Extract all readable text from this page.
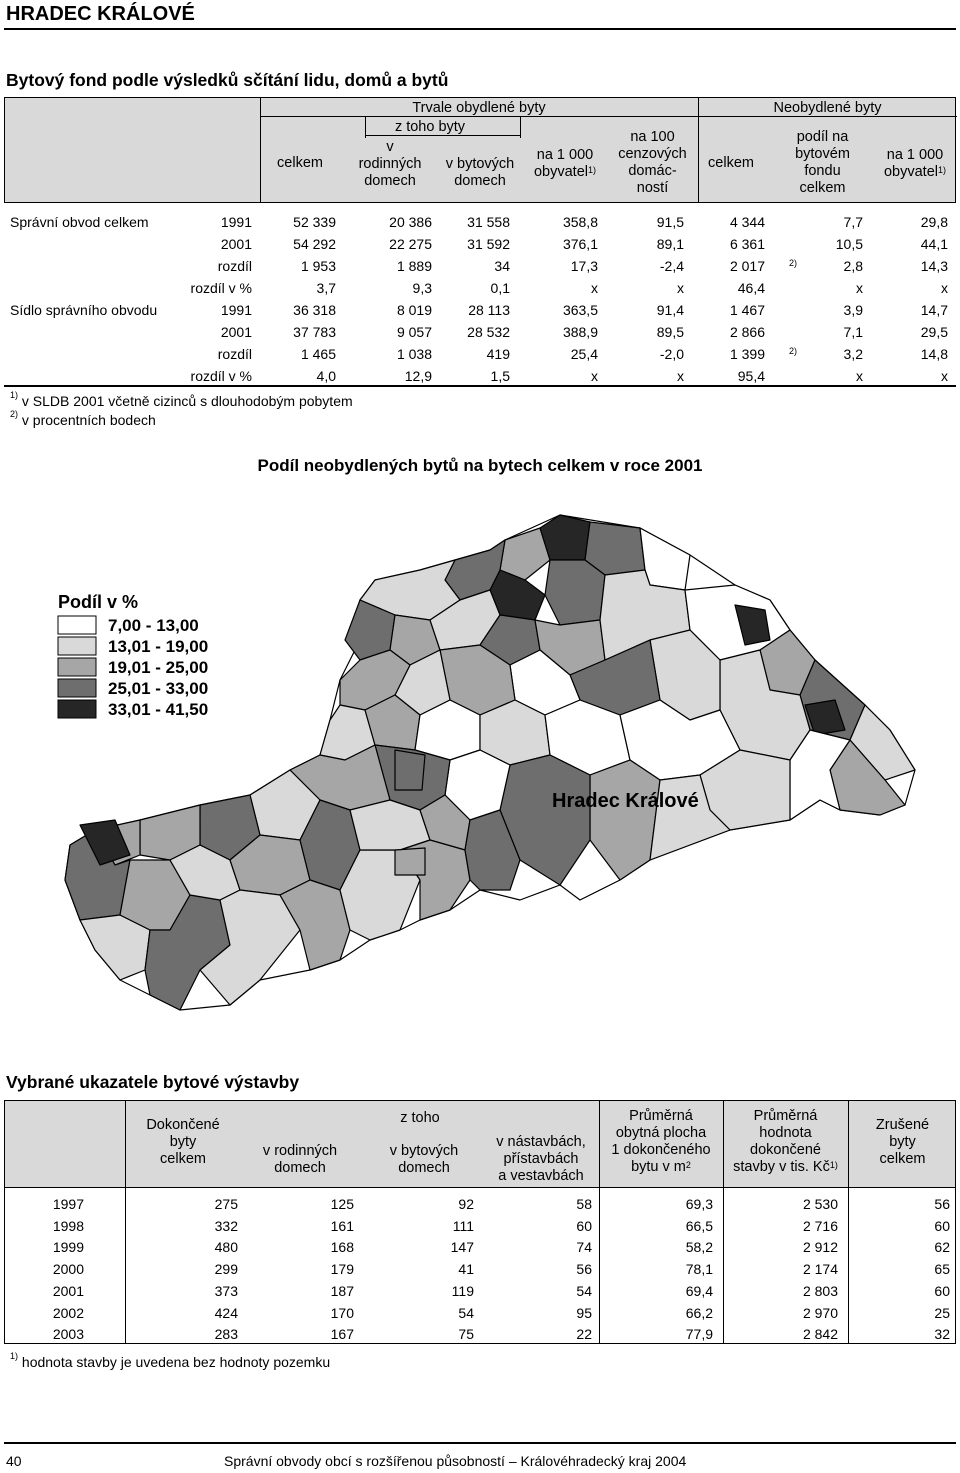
HRADEC KRÁLOVÉ
Bytový fond podle výsledků sčítání lidu, domů a bytů
celkem
Trvale obydlené byty
z toho byty
v
rodinných
domech
v bytových
domech
na 1 000
obyvatel$^{1)}$
na 100
cenzových
domác-
ností
Neobydlené byty
celkem
podíl na
bytovém
fondu
celkem
na 1 000
obyvatel$^{1)}$
Správní obvod celkem	1991	52 339	20 386	31 558	358,8	91,5	4 344	7,7	29,8
2001	54 292	22 275	31 592	376,1	89,1	6 361	10,5	44,1
rozdíl	1 953	1 889	34	17,3	-2,4	2 017	2,8	14,3
rozdíl v %	3,7	9,3	0,1	x	x	46,4	x	x
Sídlo správního obvodu	1991	36 318	8 019	28 113	363,5	91,4	1 467	3,9	14,7
2001	37 783	9 057	28 532	388,9	89,5	2 866	7,1	29,5
rozdíl	1 465	1 038	419	25,4	-2,0	1 399	3,2	14,8
rozdíl v %	4,0	12,9	1,5	x	x	95,4	x	x
2)
2)
$^{1)}$ v SLDB 2001 včetně cizinců s dlouhodobým pobytem
$^{2)}$ v procentních bodech
Podíl neobydlených bytů na bytech celkem v roce 2001
Podíl v %
7,00 - 13,00
13,01 - 19,00
19,01 - 25,00
25,01 - 33,00
33,01 - 41,50
Hradec Králové
Vybrané ukazatele bytové výstavby
Dokončené
byty
celkem
z toho
v rodinných
domech
v bytových
domech
v nástavbách,
přístavbách
a vestavbách
Průměrná
obytná plocha
1 dokončeného
bytu v $m^2$
Průměrná
hodnota
dokončené
stavby v tis. $Kč^{1)}$
Zrušené
byty
celkem
1997	275	125	92	58	69,3	2 530	56
1998	332	161	111	60	66,5	2 716	60
1999	480	168	147	74	58,2	2 912	62
2000	299	179	41	56	78,1	2 174	65
2001	373	187	119	54	69,4	2 803	60
2002	424	170	54	95	66,2	2 970	25
2003	283	167	75	22	77,9	2 842	32
$^{1)}$ hodnota stavby je uvedena bez hodnoty pozemku
40	Správní obvody obcí s rozšířenou působností – Královéhradecký kraj 2004
